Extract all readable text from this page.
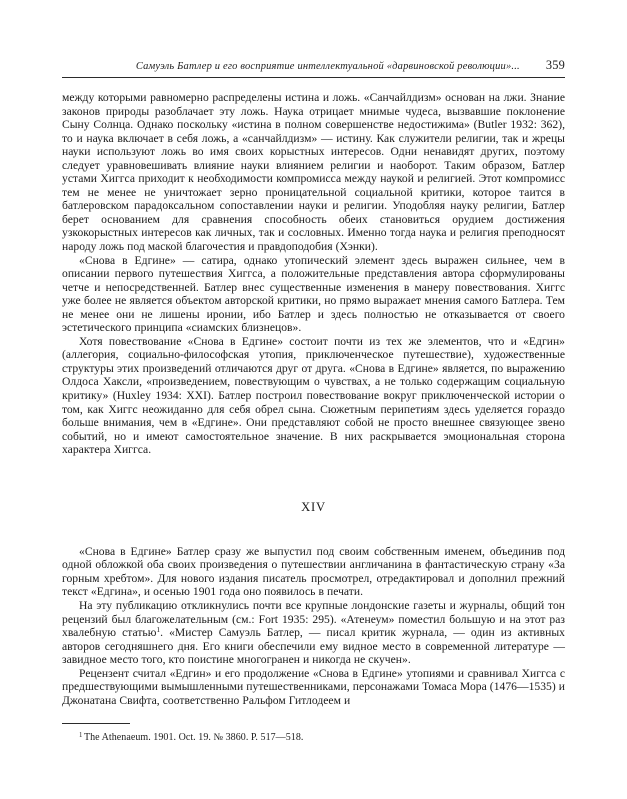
Самуэль Батлер и его восприятие интеллектуальной «дарвиновской революции»... 359

между которыми равномерно распределены истина и ложь. «Санчайлдизм» основан на лжи. Знание законов природы разоблачает эту ложь. Наука отрицает мнимые чудеса, вызвавшие поклонение Сыну Солнца. Однако поскольку «истина в полном совершенстве недостижима» (Butler 1932: 362), то и наука включает в себя ложь, а «санчайлдизм» — истину. Как служители религии, так и жрецы науки используют ложь во имя своих корыстных интересов. Одни ненавидят других, поэтому следует уравновешивать влияние науки влиянием религии и наоборот. Таким образом, Батлер устами Хиггса приходит к необходимости компромисса между наукой и религией. Этот компромисс тем не менее не уничтожает зерно проницательной социальной критики, которое таится в батлеровском парадоксальном сопоставлении науки и религии. Уподобляя науку религии, Батлер берет основанием для сравнения способность обеих становиться орудием достижения узкокорыстных интересов как личных, так и сословных. Именно тогда наука и религия преподносят народу ложь под маской благочестия и правдоподобия (Хэнки).

«Снова в Едгине» — сатира, однако утопический элемент здесь выражен сильнее, чем в описании первого путешествия Хиггса, а положительные представления автора сформулированы четче и непосредственней. Батлер внес существенные изменения в манеру повествования. Хиггс уже более не является объектом авторской критики, но прямо выражает мнения самого Батлера. Тем не менее они не лишены иронии, ибо Батлер и здесь полностью не отказывается от своего эстетического принципа «сиамских близнецов».

Хотя повествование «Снова в Едгине» состоит почти из тех же элементов, что и «Едгин» (аллегория, социально-философская утопия, приключенческое путешествие), художественные структуры этих произведений отличаются друг от друга. «Снова в Едгине» является, по выражению Олдоса Хаксли, «произведением, повествующим о чувствах, а не только содержащим социальную критику» (Huxley 1934: XXI). Батлер построил повествование вокруг приключенческой истории о том, как Хиггс неожиданно для себя обрел сына. Сюжетным перипетиям здесь уделяется гораздо больше внимания, чем в «Едгине». Они представляют собой не просто внешнее связующее звено событий, но и имеют самостоятельное значение. В них раскрывается эмоциональная сторона характера Хиггса.

XIV

«Снова в Едгине» Батлер сразу же выпустил под своим собственным именем, объединив под одной обложкой оба своих произведения о путешествии англичанина в фантастическую страну «За горным хребтом». Для нового издания писатель просмотрел, отредактировал и дополнил прежний текст «Едгина», и осенью 1901 года оно появилось в печати.

На эту публикацию откликнулись почти все крупные лондонские газеты и журналы, общий тон рецензий был благожелательным (см.: Fort 1935: 295). «Атенеум» поместил большую и на этот раз хвалебную статью$^1$. «Мистер Самуэль Батлер, — писал критик журнала, — один из активных авторов сегодняшнего дня. Его книги обеспечили ему видное место в современной литературе — завидное место того, кто поистине многогранен и никогда не скучен».

Рецензент считал «Едгин» и его продолжение «Снова в Едгине» утопиями и сравнивал Хиггса с предшествующими вымышленными путешественниками, персонажами Томаса Мора (1476—1535) и Джонатана Свифта, соответственно Ральфом Гитлодеем и

$^1$ The Athenaeum. 1901. Oct. 19. № 3860. P. 517—518.
